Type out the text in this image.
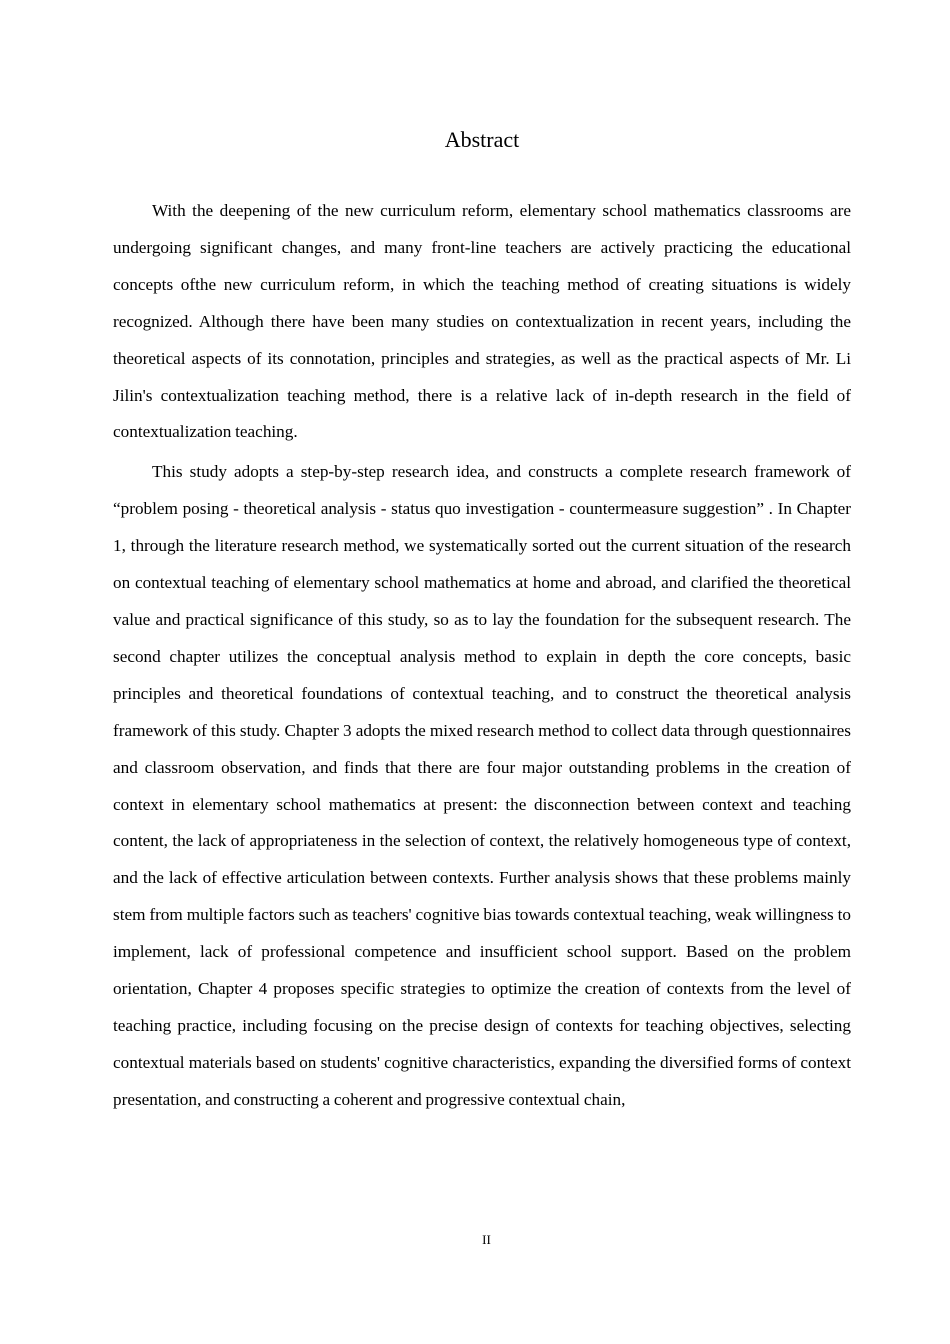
Abstract

With the deepening of the new curriculum reform, elementary school mathematics classrooms are undergoing significant changes, and many front-line teachers are actively practicing the educational concepts ofthe new curriculum reform, in which the teaching method of creating situations is widely recognized. Although there have been many studies on contextualization in recent years, including the theoretical aspects of its connotation, principles and strategies, as well as the practical aspects of Mr. Li Jilin's contextualization teaching method, there is a relative lack of in-depth research in the field of contextualization teaching.

This study adopts a step-by-step research idea, and constructs a complete research framework of “problem posing - theoretical analysis - status quo investigation - countermeasure suggestion” . In Chapter 1, through the literature research method, we systematically sorted out the current situation of the research on contextual teaching of elementary school mathematics at home and abroad, and clarified the theoretical value and practical significance of this study, so as to lay the foundation for the subsequent research. The second chapter utilizes the conceptual analysis method to explain in depth the core concepts, basic principles and theoretical foundations of contextual teaching, and to construct the theoretical analysis framework of this study. Chapter 3 adopts the mixed research method to collect data through questionnaires and classroom observation, and finds that there are four major outstanding problems in the creation of context in elementary school mathematics at present: the disconnection between context and teaching content, the lack of appropriateness in the selection of context, the relatively homogeneous type of context, and the lack of effective articulation between contexts. Further analysis shows that these problems mainly stem from multiple factors such as teachers' cognitive bias towards contextual teaching, weak willingness to implement, lack of professional competence and insufficient school support. Based on the problem orientation, Chapter 4 proposes specific strategies to optimize the creation of contexts from the level of teaching practice, including focusing on the precise design of contexts for teaching objectives, selecting contextual materials based on students' cognitive characteristics, expanding the diversified forms of context presentation, and constructing a coherent and progressive contextual chain,

II
